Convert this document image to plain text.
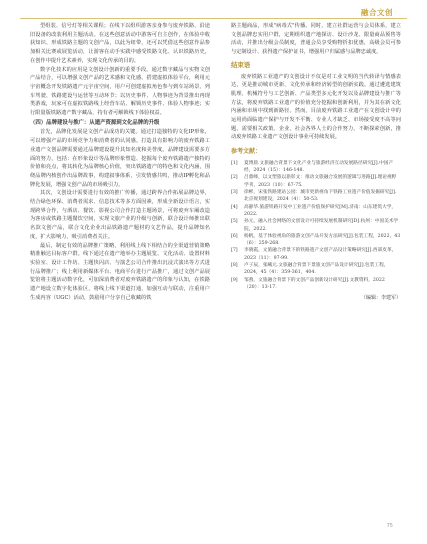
融合文创

型组装、信号灯等相关课程；在线下以组织游客亲身参与废弃铁路、沿途旧设备的改装利用主题活动。在这些创意活动中游客可自主创作，在体验中收获知识、形成铁路主题的文创产品，以此为纽带，还可以凭借这些创意作品参加相关比赛或展览活动，让游客在动手实践中感受铁路文化、认识铁路历史，在创作中提升艺术素养，实现文化传承的目的。

数字化技术的应用是文创设计创新的重要手段。通过数字藏品与实物文创产品结合，可以增强文创产品的艺术感和文化感。搭建虚拟体验平台，利用元宇宙概念开发铁路遗产元宇宙空间，用户可创建虚拟角色参与到车站场景、列车驾驶、铁路建设与运营等互动环节；以历史事件、人物事迹为背景推出再现类游戏，玩家可在虚拟铁路线上经营车站、解锁历史事件、体验人物事迹；实行限量版铁路遗产数字藏品，持有者可解锁线下体验权益。

（四）品牌建设与推广：从遗产资源到文化品牌的升级

首先，品牌化发展是文创产品成功的关键。通过打造独特的文化IP形象，可以增强产品的市场竞争力和消费者的认同感。打造具有影响力的废弃铁路工业遗产文创品牌需要通过品牌建设提升其知名度和美誉度。品牌建设需要多方面的努力，包括：在形象设计等品牌形象塑造、挖掘每个废弃铁路遗产独特的价值和亮点，将其转化为品牌核心价值，突出铁路遗产的特色和文化内涵，围绕品牌内核创作出品牌故事，构建叙事体系，引发情感共鸣，推动IP孵化和品牌化发展，增强文创产品的市场吸引力。

其次，文创设计需要进行有效的推广传播，通过跨界合作拓展品牌边界，结合绿色环保、消费者需求、信息技术等多方面因素，形成全新设计语言，实现跨界合作，与酒店、餐饮、影视公司合作打造主题场景，可将废弃车厢改造为客房或铁路主题餐饮空间，实现文旅产业的升级与创新，联合设计师推出联名款文创产品，联合文化企业出品铁路遗产题材的文艺作品，提升品牌知名度，扩大影响力，吸引消费者关注。

最后，制定有效的品牌推广策略，利用线上线下相结合的全渠道营销策略精准触达目标客户群。线下通过在遗产地举办主题展览、文化活动、设置材料实验室、设计工作坊、主题快闪店、与演艺公司合作推出沉浸式演出等方式进行品牌推广；线上利用新媒体平台、电商平台进行产品推广，通过文创产品展览馆将主题活动数字化，可加深消费者对废弃铁路遗产的印象与认知，在铁路遗产地设立数字化体验区，将线上线下渠道打通，加强互动与联动，注重用户生成内容（UGC）活动，鼓励用户分享自己收藏的铁

路主题商品，形成"病毒式"传播。同时，建立社群运营与会员体系，建立文创品牌忠实用户群，定期组织遗产地探访、设计沙龙、限量商品预售等活动，并推出分级会员制度，普通会员享受购物折扣优惠，高级会员可参与定制设计、获得遗产保护证书，增强用户归属感与品牌忠诚度。

结束语

废弃铁路工业遗产的文创设计不仅是对工业文明的当代转译与情感表达，更是推动城市更新、文化传承和经济转型的创新实践。通过遴选建筑肌理、机械符号与工艺创新、产品类型多元化开发以及品牌建设与推广等方法，将废弃铁路工业遗产的价值充分挖掘和创新利用，并为其在新文化内涵和市场中找到新路径。然而，目前废弃铁路工业遗产在文创设计中的运用尚面临遗产保护与开发不平衡、专业人才缺乏、市场接受度不高等问题，需要相关政策、企业、社会各界人士的合作努力，不断探索创新，推动废弃铁路工业遗产文创设计事业可持续发展。

参考文献：
[1]	夏博晨.文旅融合背景下文化产业与旅游经济互动发展路径研究[J].中国产经，2024（15）：146-148.
[2]	吕鼎峰，以文塑旅以旅彰文：推动文旅融合发展的逻辑与进路[J].理论视野学刊，2023（10）：67-75.
[3]	徐彬，宋张铁路建站公园：城市更新视角下铁路工业遗产价值发掘研究[J].北京规划建设，2024（4）：50-53.
[4]	高静华.旅游铁路开发中工业遗产价值保护研究[M].济南：山东建筑大学，2022.
[5]	孙元，融入社会网络的文创设计可持续发展机制研究[D].杭州：中国美术学院，2022.
[6]	杨帆，基于体验视角的旅游文创产品开发方法研究[J].包装工程，2022，43（6）：259-268.
[7]	李晓霞，文旅融合背景下的铁路遗产文创产品设计策略研究[J].西部皮革，2023（11）：97-99.
[8]	卢子辰，张曦元.文旅融合背景下景旅文创产品设计研究[J].包装工程，2024，45（4）：359-361，404.
[9]	邹燕，文旅融合背景下的文创产品创新设计研究[J].文教资料，2022（20）：13-17.
（编辑：李建军）
75
